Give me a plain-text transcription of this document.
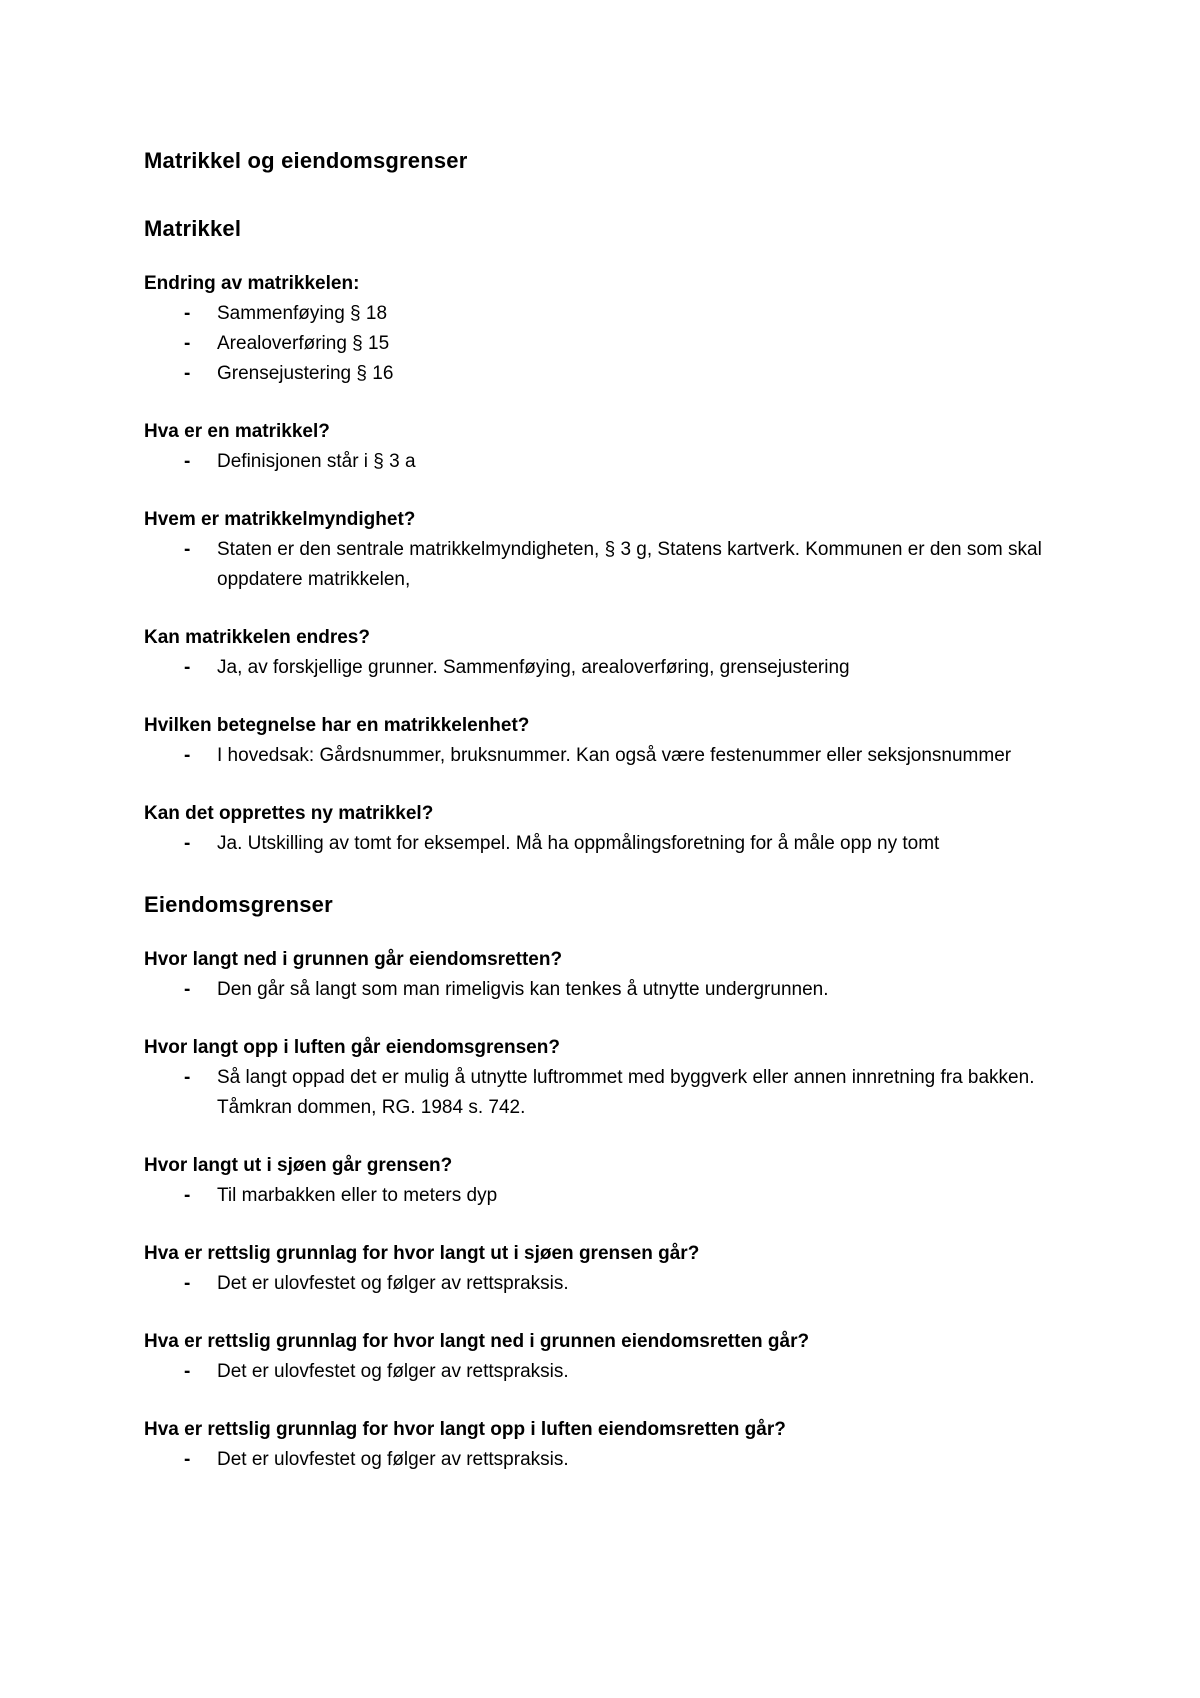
Matrikkel og eiendomsgrenser
Matrikkel

Endring av matrikkelen:

- Sammenføying § 18
- Arealoverføring § 15
- Grensejustering § 16

Hva er en matrikkel?

- Definisjonen står i § 3 a

Hvem er matrikkelmyndighet?

- Staten er den sentrale matrikkelmyndigheten, § 3 g, Statens kartverk. Kommunen er den som skal oppdatere matrikkelen,

Kan matrikkelen endres?

- Ja, av forskjellige grunner. Sammenføying, arealoverføring, grensejustering

Hvilken betegnelse har en matrikkelenhet?

- I hovedsak: Gårdsnummer, bruksnummer. Kan også være festenummer eller seksjonsnummer

Kan det opprettes ny matrikkel?

- Ja. Utskilling av tomt for eksempel. Må ha oppmålingsforetning for å måle opp ny tomt
Eiendomsgrenser

Hvor langt ned i grunnen går eiendomsretten?

- Den går så langt som man rimeligvis kan tenkes å utnytte undergrunnen.

Hvor langt opp i luften går eiendomsgrensen?

- Så langt oppad det er mulig å utnytte luftrommet med byggverk eller annen innretning fra bakken. Tåmkran dommen, RG. 1984 s. 742.

Hvor langt ut i sjøen går grensen?

- Til marbakken eller to meters dyp

Hva er rettslig grunnlag for hvor langt ut i sjøen grensen går?

- Det er ulovfestet og følger av rettspraksis.

Hva er rettslig grunnlag for hvor langt ned i grunnen eiendomsretten går?

- Det er ulovfestet og følger av rettspraksis.

Hva er rettslig grunnlag for hvor langt opp i luften eiendomsretten går?

- Det er ulovfestet og følger av rettspraksis.
